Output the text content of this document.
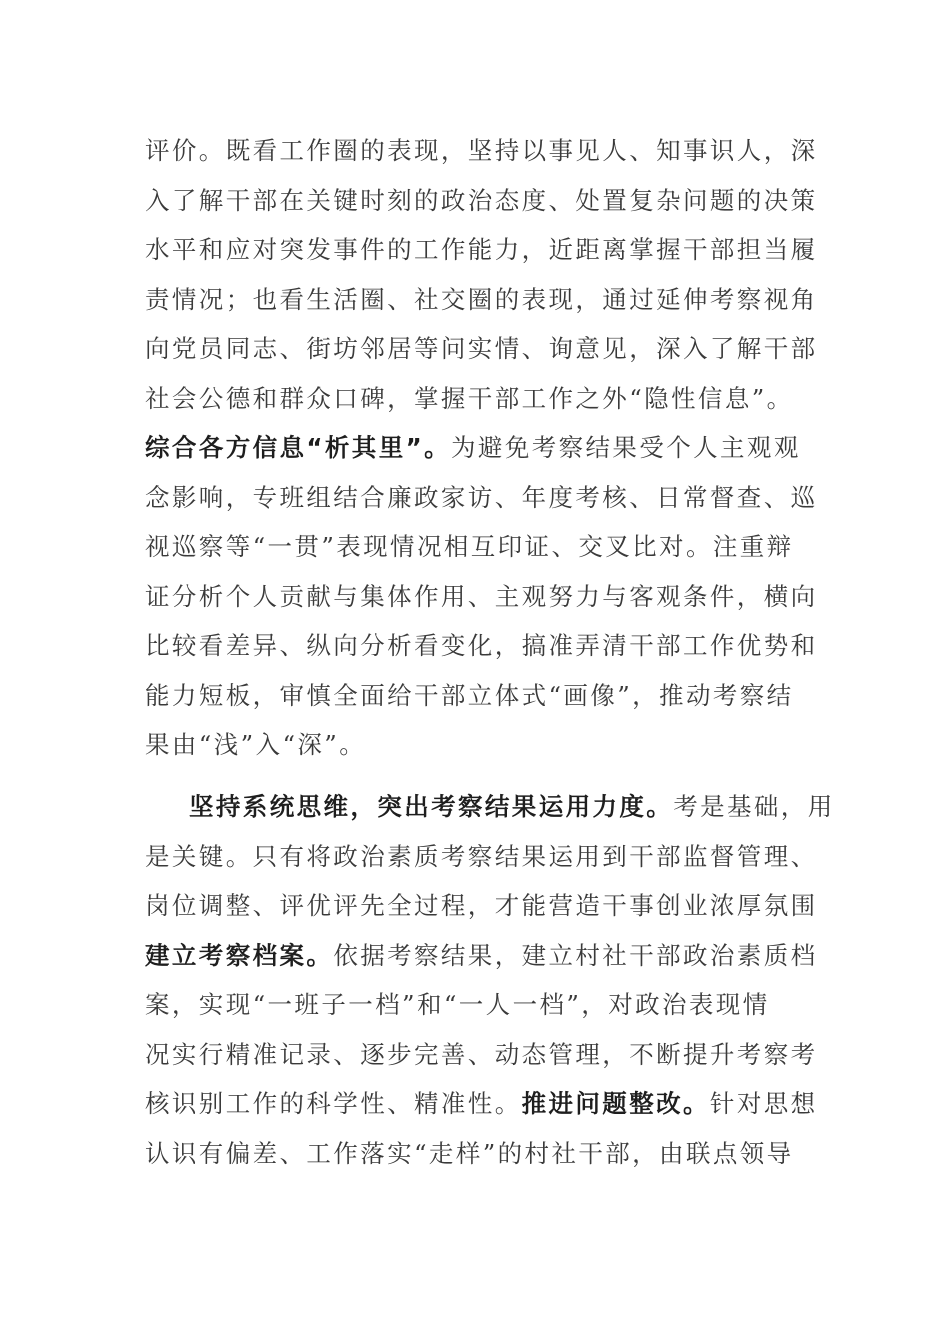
评价。既看工作圈的表现，坚持以事见人、知事识人，深
入了解干部在关键时刻的政治态度、处置复杂问题的决策
水平和应对突发事件的工作能力，近距离掌握干部担当履
责情况；也看生活圈、社交圈的表现，通过延伸考察视角
向党员同志、街坊邻居等问实情、询意见，深入了解干部
社会公德和群众口碑，掌握干部工作之外“隐性信息”。
综合各方信息“析其里”。为避免考察结果受个人主观观
念影响，专班组结合廉政家访、年度考核、日常督查、巡
视巡察等“一贯”表现情况相互印证、交叉比对。注重辩
证分析个人贡献与集体作用、主观努力与客观条件，横向
比较看差异、纵向分析看变化，搞准弄清干部工作优势和
能力短板，审慎全面给干部立体式“画像”，推动考察结
果由“浅”入“深”。
坚持系统思维，突出考察结果运用力度。考是基础，用
是关键。只有将政治素质考察结果运用到干部监督管理、
岗位调整、评优评先全过程，才能营造干事创业浓厚氛围
建立考察档案。依据考察结果，建立村社干部政治素质档
案，实现“一班子一档”和“一人一档”，对政治表现情
况实行精准记录、逐步完善、动态管理，不断提升考察考
核识别工作的科学性、精准性。推进问题整改。针对思想
认识有偏差、工作落实“走样”的村社干部，由联点领导
